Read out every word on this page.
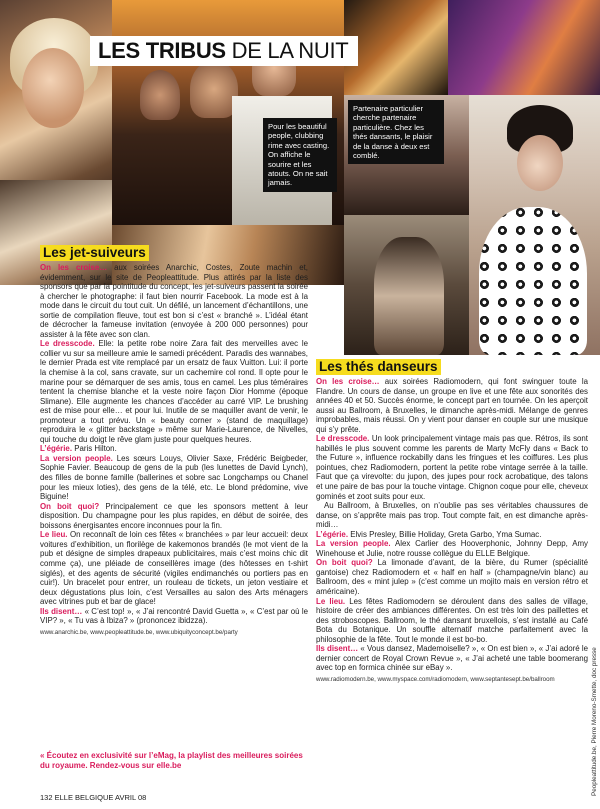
LES TRIBUS DE LA NUIT
Pour les beautiful people, clubbing rime avec casting. On affiche le sourire et les atouts. On ne sait jamais.
Partenaire particulier cherche partenaire particulière. Chez les thés dansants, le plaisir de la danse à deux est comblé.
Les jet-suiveurs

On les croise… aux soirées Anarchic, Costes, Zoute machin et, évidemment, sur le site de Peopleattitude. Plus attirés par la liste des sponsors que par la pointitude du concept, les jet-suiveurs passent la soirée à chercher le photographe: il faut bien nourrir Facebook. La mode est à la mode dans le circuit du tout cuit. Un défilé, un lancement d’échantillons, une sortie de compilation fleuve, tout est bon si c’est « branché ». L’idéal étant de décrocher la fameuse invitation (envoyée à 200 000 personnes) pour assister à la fête avec son clan.

Le dresscode. Elle: la petite robe noire Zara fait des merveilles avec le collier vu sur sa meilleure amie le samedi précédent. Paradis des wannabes, le dernier Prada est vite remplacé par un ersatz de faux Vuitton. Lui: il porte la chemise à la col, sans cravate, sur un cachemire col rond. Il opte pour le marine pour se démarquer de ses amis, tous en camel. Les plus téméraires tentent la chemise blanche et la veste noire façon Dior Homme (époque Slimane). Elle augmente les chances d’accéder au carré VIP. Le brushing est de mise pour elle… et pour lui. Inutile de se maquiller avant de venir, le promoteur a tout prévu. Un « beauty corner » (stand de maquillage) reproduira le « glitter backstage » même sur Marie-Laurence, de Nivelles, qui touche du doigt le rêve glam juste pour quelques heures.

L’égérie. Paris Hilton.

La version people. Les sœurs Louys, Olivier Saxe, Frédéric Beigbeder, Sophie Favier. Beaucoup de gens de la pub (les lunettes de David Lynch), des filles de bonne famille (ballerines et sobre sac Longchamps ou Chanel pour les mieux loties), des gens de la télé, etc. Le blond prédomine, vive Biguine!

On boit quoi? Principalement ce que les sponsors mettent à leur disposition. Du champagne pour les plus rapides, en début de soirée, des boissons énergisantes encore inconnues pour la fin.

Le lieu. On reconnaît de loin ces fêtes « branchées » par leur accueil: deux voitures d’exhibition, un florilège de kakemonos brandés (le mot vient de la pub et désigne de simples drapeaux publicitaires, mais c’est moins chic dit comme ça), une pléiade de conseillères image (des hôtesses en t-shirt siglés), et des agents de sécurité (vigiles endimanchés ou portiers pas en cuir!). Un bracelet pour entrer, un rouleau de tickets, un jeton vestiaire et deux dégustations plus loin, c’est Versailles au salon des Arts ménagers avec vitrines pub et bar de glace!

Ils disent… « C’est top! », « J’ai rencontré David Guetta », « C’est par où le VIP? », « Tu vas à Ibiza? » (prononcez ibidzza).

www.anarchic.be, www.peopleattitude.be, www.ubiquityconcept.be/party
Les thés danseurs

On les croise… aux soirées Radiomodern, qui font swinguer toute la Flandre. Un cours de danse, un groupe en live et une fête aux sonorités des années 40 et 50. Succès énorme, le concept part en tournée. On les aperçoit aussi au Ballroom, à Bruxelles, le dimanche après-midi. Mélange de genres improbables, mais réussi. On y vient pour danser en couple sur une musique qui s’y prête.

Le dresscode. Un look principalement vintage mais pas que. Rétros, ils sont habillés le plus souvent comme les parents de Marty McFly dans « Back to the Future », influence rockabilly dans les fringues et les coiffures. Les plus pointues, chez Radiomodern, portent la petite robe vintage serrée à la taille. Faut que ça virevolte: du jupon, des jupes pour rock acrobatique, des talons et une paire de bas pour la touche vintage. Chignon coque pour elle, cheveux gominés et zoot suits pour eux.

Au Ballroom, à Bruxelles, on n’oublie pas ses véritables chaussures de danse, on s’apprête mais pas trop. Tout compte fait, en est dimanche après-midi…

L’égérie. Elvis Presley, Billie Holiday, Greta Garbo, Yma Sumac.

La version people. Alex Carlier des Hooverphonic, Johnny Depp, Amy Winehouse et Julie, notre rousse collègue du ELLE Belgique.

On boit quoi? La limonade d’avant, de la bière, du Rumer (spécialité gantoise) chez Radiomodern et « half en half » (champagne/vin blanc) au Ballroom, des « mint julep » (c’est comme un mojito mais en version rétro et américaine).

Le lieu. Les fêtes Radiomodern se déroulent dans des salles de village, histoire de créer des ambiances différentes. On est très loin des paillettes et des stroboscopes. Ballroom, le thé dansant bruxellois, s’est installé au Café Bota du Botanique. Un souffle alternatif matche parfaitement avec la philosophie de la fête. Tout le monde il est bo-bo.

Ils disent… « Vous dansez, Mademoiselle? », « On est bien », « J’ai adoré le dernier concert de Royal Crown Revue », « J’ai acheté une table boomerang avec top en formica chinée sur eBay ».

www.radiomodern.be, www.myspace.com/radiomodern, www.septantesept.be/ballroom
« Écoutez en exclusivité sur l’eMag, la playlist des meilleures soirées du royaume. Rendez-vous sur elle.be
132 ELLE BELGIQUE AVRIL 08
Peopleattitude.be, Pierre Moreno-Smette, doc presse
